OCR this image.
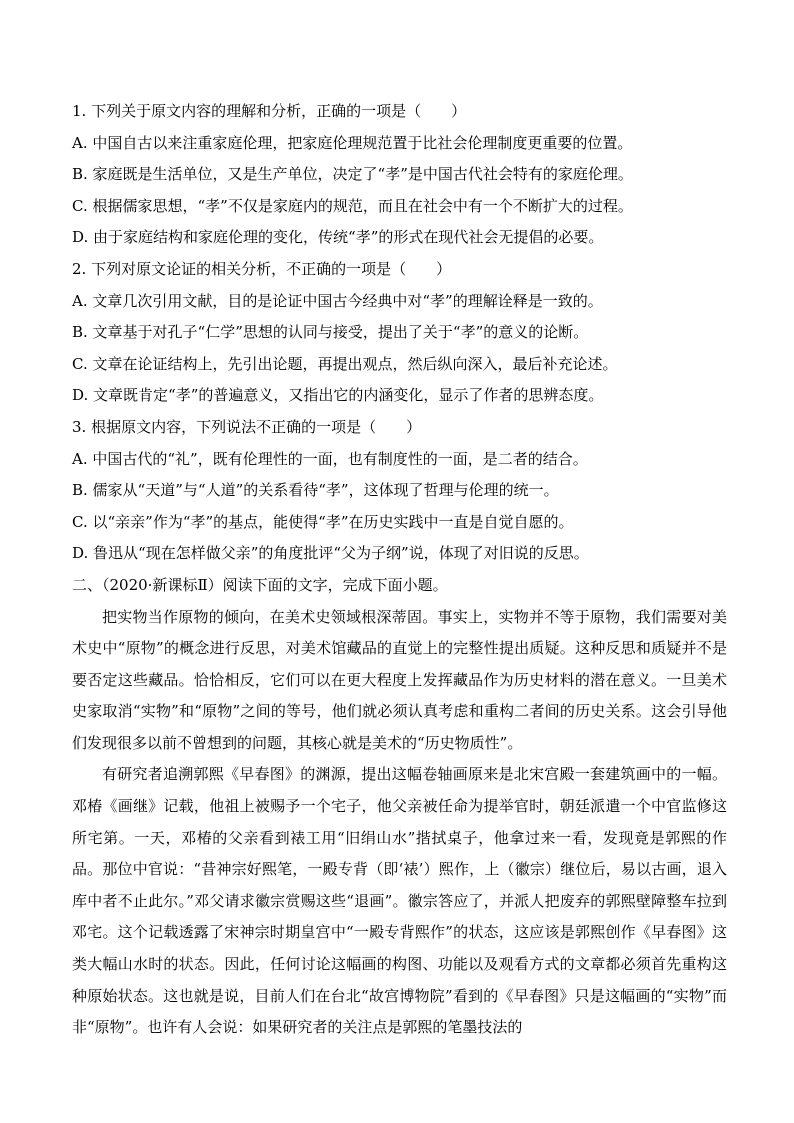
1. 下列关于原文内容的理解和分析，正确的一项是（　　）

A. 中国自古以来注重家庭伦理，把家庭伦理规范置于比社会伦理制度更重要的位置。

B. 家庭既是生活单位，又是生产单位，决定了“孝”是中国古代社会特有的家庭伦理。

C. 根据儒家思想，“孝”不仅是家庭内的规范，而且在社会中有一个不断扩大的过程。

D. 由于家庭结构和家庭伦理的变化，传统“孝”的形式在现代社会无提倡的必要。

2. 下列对原文论证的相关分析，不正确的一项是（　　）

A. 文章几次引用文献，目的是论证中国古今经典中对“孝”的理解诠释是一致的。

B. 文章基于对孔子“仁学”思想的认同与接受，提出了关于“孝”的意义的论断。

C. 文章在论证结构上，先引出论题，再提出观点，然后纵向深入，最后补充论述。

D. 文章既肯定“孝”的普遍意义，又指出它的内涵变化，显示了作者的思辨态度。

3. 根据原文内容，下列说法不正确的一项是（　　）

A. 中国古代的“礼”，既有伦理性的一面，也有制度性的一面，是二者的结合。

B. 儒家从“天道”与“人道”的关系看待“孝”，这体现了哲理与伦理的统一。

C. 以“亲亲”作为“孝”的基点，能使得“孝”在历史实践中一直是自觉自愿的。

D. 鲁迅从“现在怎样做父亲”的角度批评“父为子纲”说，体现了对旧说的反思。

二、（2020·新课标Ⅱ）阅读下面的文字，完成下面小题。

把实物当作原物的倾向，在美术史领域根深蒂固。事实上，实物并不等于原物，我们需要对美术史中“原物”的概念进行反思，对美术馆藏品的直觉上的完整性提出质疑。这种反思和质疑并不是要否定这些藏品。恰恰相反，它们可以在更大程度上发挥藏品作为历史材料的潜在意义。一旦美术史家取消“实物”和“原物”之间的等号，他们就必须认真考虑和重构二者间的历史关系。这会引导他们发现很多以前不曾想到的问题，其核心就是美术的“历史物质性”。

有研究者追溯郭熙《早春图》的渊源，提出这幅卷轴画原来是北宋宫殿一套建筑画中的一幅。邓椿《画继》记载，他祖上被赐予一个宅子，他父亲被任命为提举官时，朝廷派遣一个中官监修这所宅第。一天，邓椿的父亲看到裱工用“旧绢山水”揩拭桌子，他拿过来一看，发现竟是郭熙的作品。那位中官说：“昔神宗好熙笔，一殿专背（即‘裱’）熙作，上（徽宗）继位后，易以古画，退入库中者不止此尔。”邓父请求徽宗赏赐这些“退画”。徽宗答应了，并派人把废弃的郭熙壁障整车拉到邓宅。这个记载透露了宋神宗时期皇宫中“一殿专背熙作”的状态，这应该是郭熙创作《早春图》这类大幅山水时的状态。因此，任何讨论这幅画的构图、功能以及观看方式的文章都必须首先重构这种原始状态。这也就是说，目前人们在台北“故宫博物院”看到的《早春图》只是这幅画的“实物”而非“原物”。也许有人会说：如果研究者的关注点是郭熙的笔墨技法的
